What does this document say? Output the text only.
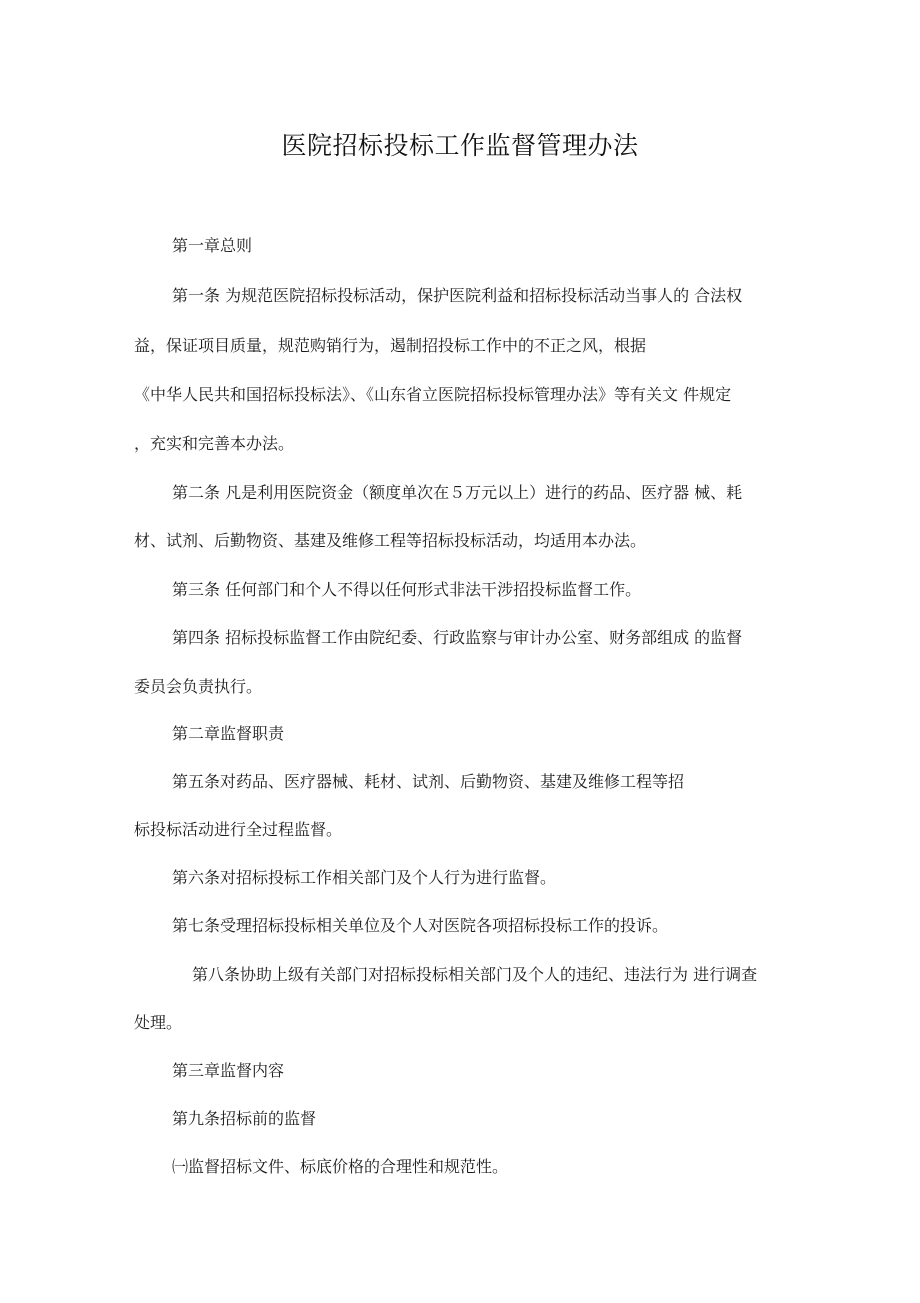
医院招标投标工作监督管理办法
第一章总则
第一条 为规范医院招标投标活动，保护医院利益和招标投标活动当事人的 合法权
益，保证项目质量，规范购销行为，遏制招投标工作中的不正之风，根据
《中华人民共和国招标投标法》、《山东省立医院招标投标管理办法》等有关文 件规定
，充实和完善本办法。
第二条 凡是利用医院资金（额度单次在５万元以上）进行的药品、医疗器 械、耗
材、试剂、后勤物资、基建及维修工程等招标投标活动，均适用本办法。
第三条 任何部门和个人不得以任何形式非法干涉招投标监督工作。
第四条 招标投标监督工作由院纪委、行政监察与审计办公室、财务部组成 的监督
委员会负责执行。
第二章监督职责
第五条对药品、医疗器械、耗材、试剂、后勤物资、基建及维修工程等招
标投标活动进行全过程监督。
第六条对招标投标工作相关部门及个人行为进行监督。
第七条受理招标投标相关单位及个人对医院各项招标投标工作的投诉。
第八条协助上级有关部门对招标投标相关部门及个人的违纪、违法行为 进行调查
处理。
第三章监督内容
第九条招标前的监督
㈠监督招标文件、标底价格的合理性和规范性。
